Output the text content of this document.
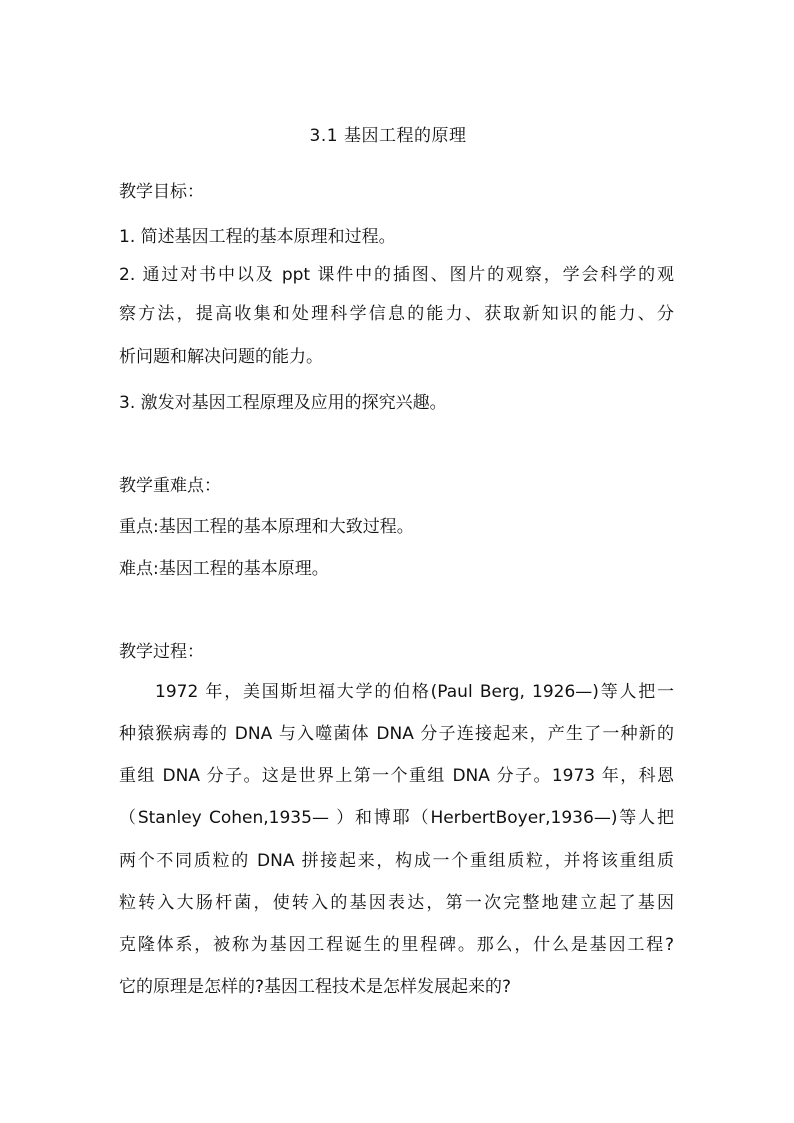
3.1 基因工程的原理
教学目标：
1. 简述基因工程的基本原理和过程。
2. 通过对书中以及 ppt 课件中的插图、图片的观察，学会科学的观
察方法，提高收集和处理科学信息的能力、获取新知识的能力、分
析问题和解决问题的能力。
3. 激发对基因工程原理及应用的探究兴趣。
教学重难点：
重点:基因工程的基本原理和大致过程。
难点:基因工程的基本原理。
教学过程：
1972 年，美国斯坦福大学的伯格(Paul Berg, 1926—)等人把一
种猿猴病毒的 DNA 与入噬菌体 DNA 分子连接起来，产生了一种新的
重组 DNA 分子。这是世界上第一个重组 DNA 分子。1973 年，科恩
（Stanley Cohen,1935— ）和博耶（HerbertBoyer,1936—)等人把
两个不同质粒的 DNA 拼接起来，构成一个重组质粒，并将该重组质
粒转入大肠杆菌，使转入的基因表达，第一次完整地建立起了基因
克隆体系，被称为基因工程诞生的里程碑。那么，什么是基因工程?
它的原理是怎样的?基因工程技术是怎样发展起来的?
